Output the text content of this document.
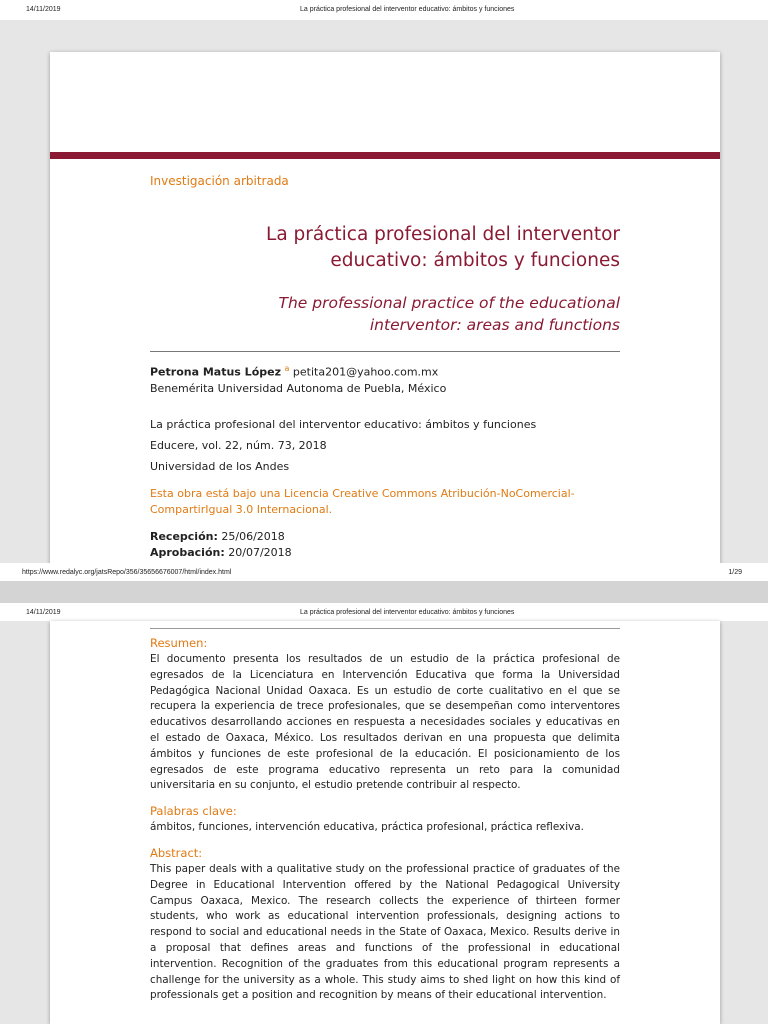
14/11/2019	La práctica profesional del interventor educativo: ámbitos y funciones
Investigación arbitrada
La práctica profesional del interventor
educativo: ámbitos y funciones
The professional practice of the educational
interventor: areas and functions
Petrona Matus López $^a$ petita201@yahoo.com.mx
Benemérita Universidad Autonoma de Puebla, México
La práctica profesional del interventor educativo: ámbitos y funciones
Educere, vol. 22, núm. 73, 2018
Universidad de los Andes
Esta obra está bajo una Licencia Creative Commons Atribución-NoComercial-
CompartirIgual 3.0 Internacional.
Recepción: 25/06/2018
Aprobación: 20/07/2018
https://www.redalyc.org/jatsRepo/356/35656676007/html/index.html	1/29
14/11/2019	La práctica profesional del interventor educativo: ámbitos y funciones
Resumen:

El documento presenta los resultados de un estudio de la práctica profesional de egresados de la Licenciatura en Intervención Educativa que forma la Universidad Pedagógica Nacional Unidad Oaxaca. Es un estudio de corte cualitativo en el que se recupera la experiencia de trece profesionales, que se desempeñan como interventores educativos desarrollando acciones en respuesta a necesidades sociales y educativas en el estado de Oaxaca, México. Los resultados derivan en una propuesta que delimita ámbitos y funciones de este profesional de la educación. El posicionamiento de los egresados de este programa educativo representa un reto para la comunidad universitaria en su conjunto, el estudio pretende contribuir al respecto.

Palabras clave:

ámbitos, funciones, intervención educativa, práctica profesional, práctica reflexiva.

Abstract:

This paper deals with a qualitative study on the professional practice of graduates of the Degree in Educational Intervention offered by the National Pedagogical University Campus Oaxaca, Mexico. The research collects the experience of thirteen former students, who work as educational intervention professionals, designing actions to respond to social and educational needs in the State of Oaxaca, Mexico. Results derive in a proposal that defines areas and functions of the professional in educational intervention. Recognition of the graduates from this educational program represents a challenge for the university as a whole. This study aims to shed light on how this kind of professionals get a position and recognition by means of their educational intervention.
